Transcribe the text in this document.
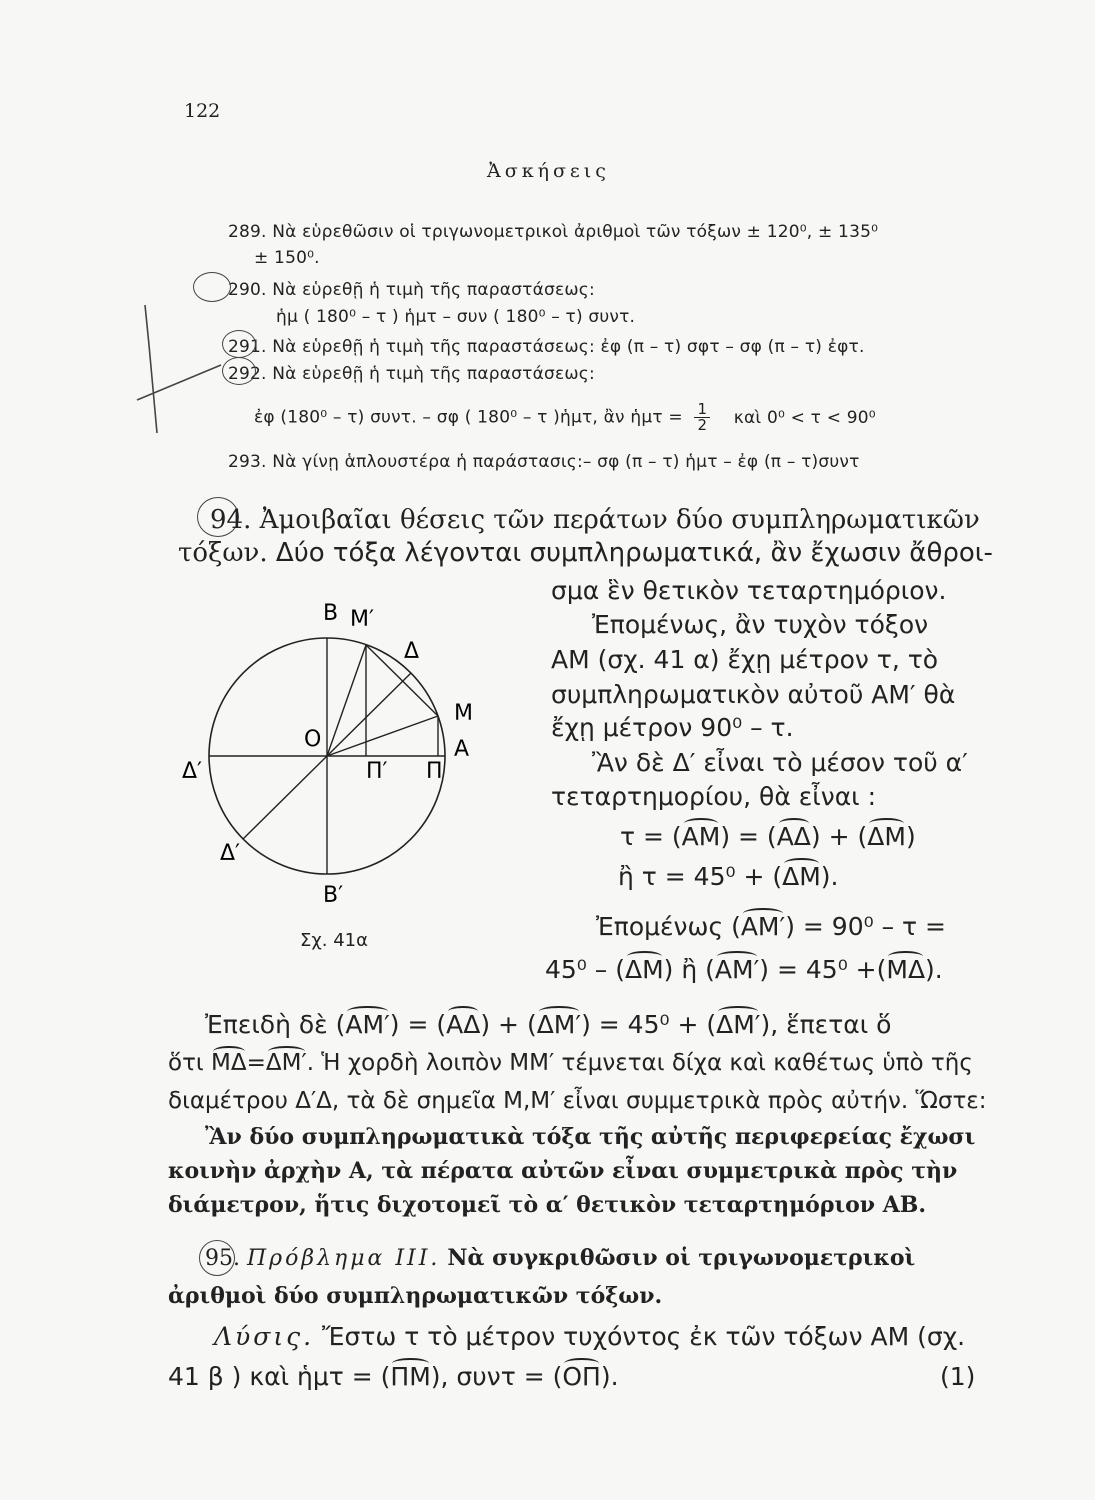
122
Ἀσκήσεις
289. Νὰ εὑρεθῶσιν οἱ τριγωνομετρικοὶ ἀριθμοὶ τῶν τόξων ± 120⁰, ± 135⁰
± 150⁰.
290. Νὰ εὑρεθῇ ἡ τιμὴ τῆς παραστάσεως:
ἡμ ( 180⁰ – τ ) ἡμτ – συν ( 180⁰ – τ) συντ.
291. Νὰ εὑρεθῇ ἡ τιμὴ τῆς παραστάσεως: ἐφ (π – τ) σφτ – σφ (π – τ) ἐφτ.
292. Νὰ εὑρεθῇ ἡ τιμὴ τῆς παραστάσεως:
ἐφ (180⁰ – τ) συντ. – σφ ( 180⁰ – τ )ἡμτ, ἂν ἡμτ = $\frac{1}{2}$ καὶ 0⁰ < τ < 90⁰
293. Νὰ γίνῃ ἁπλουστέρα ἡ παράστασις:– σφ (π – τ) ἡμτ – ἐφ (π – τ)συντ
94. Ἀμοιβαῖαι θέσεις τῶν περάτων δύο συμπληρωματικῶν
τόξων. Δύο τόξα λέγονται συμπληρωματικά, ἂν ἔχωσιν ἄθροι-
σμα ἓν θετικὸν τεταρτημόριον.
Ἐπομένως, ἂν τυχὸν τόξον
ΑΜ (σχ. 41 α) ἔχῃ μέτρον τ, τὸ
συμπληρωματικὸν αὐτοῦ ΑΜ′ θὰ
ἔχῃ μέτρον 90⁰ – τ.
Ἂν δὲ Δ′ εἶναι τὸ μέσον τοῦ α′
τεταρτημορίου, θὰ εἶναι :
τ = (ΑΜ) = (ΑΔ) + (ΔΜ)
ἢ τ = 45⁰ + (ΔΜ).
Ἐπομένως (ΑΜ′) = 90⁰ – τ =
45⁰ – (ΔΜ) ἢ (ΑΜ′) = 45⁰ +(ΜΔ).
Ἐπειδὴ δὲ (ΑΜ′) = (ΑΔ) + (ΔΜ′) = 45⁰ + (ΔΜ′), ἕπεται ὅ
ὅτι ΜΔ=ΔΜ′. Ἡ χορδὴ λοιπὸν ΜΜ′ τέμνεται δίχα καὶ καθέτως ὑπὸ τῆς
διαμέτρου Δ′Δ, τὰ δὲ σημεῖα Μ,Μ′ εἶναι συμμετρικὰ πρὸς αὐτήν. Ὥστε:
Ἂν δύο συμπληρωματικὰ τόξα τῆς αὐτῆς περιφερείας ἔχωσι
κοινὴν ἀρχὴν Α, τὰ πέρατα αὐτῶν εἶναι συμμετρικὰ πρὸς τὴν
διάμετρον, ἥτις διχοτομεῖ τὸ α′ θετικὸν τεταρτημόριον ΑΒ.
95. Πρόβλημα ΙΙΙ. Νὰ συγκριθῶσιν οἱ τριγωνομετρικοὶ
ἀριθμοὶ δύο συμπληρωματικῶν τόξων.
Λύσις. Ἔστω τ τὸ μέτρον τυχόντος ἐκ τῶν τόξων ΑΜ (σχ.
41 β ) καὶ ἡμτ = (ΠΜ), συντ = (ΟΠ).	(1)
Β Μ′
Δ
Μ
Ο	Α
Δ′	Π′ Π
Δ′
Β′
Σχ. 41α
